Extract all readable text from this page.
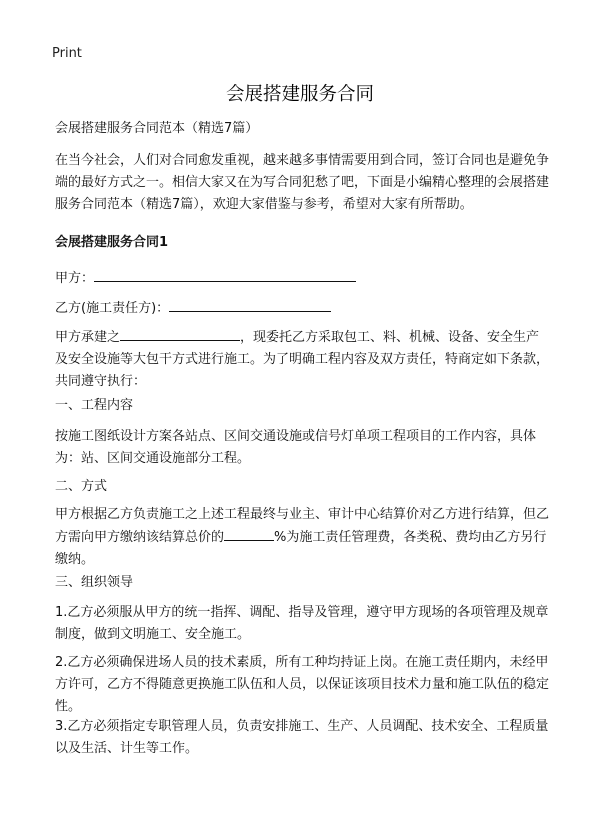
Print
会展搭建服务合同

会展搭建服务合同范本（精选7篇）

在当今社会，人们对合同愈发重视，越来越多事情需要用到合同，签订合同也是避免争端的最好方式之一。相信大家又在为写合同犯愁了吧，下面是小编精心整理的会展搭建服务合同范本（精选7篇），欢迎大家借鉴与参考，希望对大家有所帮助。

会展搭建服务合同1

甲方：
乙方(施工责任方)：

甲方承建之	，现委托乙方采取包工、料、机械、设备、安全生产及安全设施等大包干方式进行施工。为了明确工程内容及双方责任，特商定如下条款，共同遵守执行：

一、工程内容

按施工图纸设计方案各站点、区间交通设施或信号灯单项工程项目的工作内容，具体为：站、区间交通设施部分工程。

二、方式

甲方根据乙方负责施工之上述工程最终与业主、审计中心结算价对乙方进行结算，但乙方需向甲方缴纳该结算总价的	%为施工责任管理费，各类税、费均由乙方另行缴纳。

三、组织领导

1.乙方必须服从甲方的统一指挥、调配、指导及管理，遵守甲方现场的各项管理及规章制度，做到文明施工、安全施工。

2.乙方必须确保进场人员的技术素质，所有工种均持证上岗。在施工责任期内，未经甲方许可，乙方不得随意更换施工队伍和人员，以保证该项目技术力量和施工队伍的稳定性。

3.乙方必须指定专职管理人员，负责安排施工、生产、人员调配、技术安全、工程质量以及生活、计生等工作。
